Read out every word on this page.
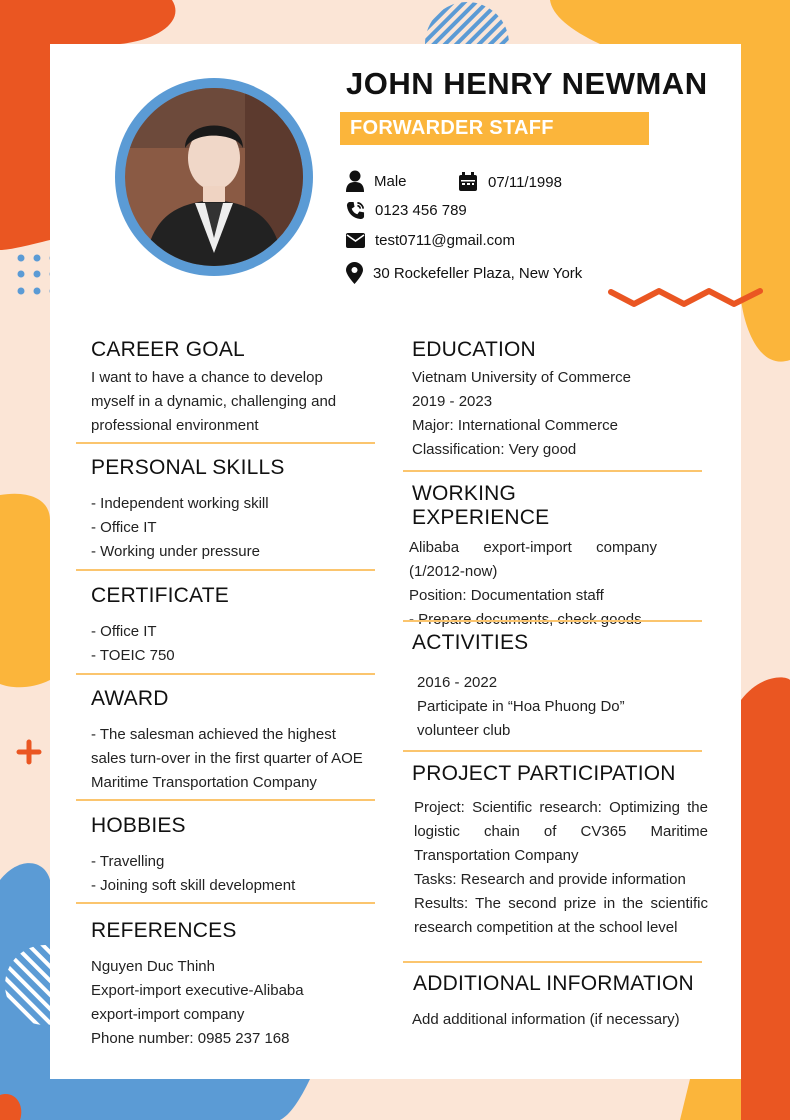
JOHN HENRY NEWMAN
FORWARDER STAFF
Male	07/11/1998
0123 456 789
test0711@gmail.com
30 Rockefeller Plaza, New York
CAREER GOAL
I want to have a chance to develop
myself in a dynamic, challenging and
professional environment
PERSONAL SKILLS
- Independent working skill
- Office IT
- Working under pressure
CERTIFICATE
- Office IT
- TOEIC 750
AWARD
- The salesman achieved the highest
sales turn-over in the first quarter of AOE
Maritime Transportation Company
HOBBIES
- Travelling
- Joining soft skill development
REFERENCES
Nguyen Duc Thinh
Export-import executive-Alibaba
export-import company
Phone number: 0985 237 168
EDUCATION
Vietnam University of Commerce
2019 - 2023
Major: International Commerce
Classification: Very good
WORKING EXPERIENCE
Alibaba export-import company (1/2012-now)
Position: Documentation staff
ACTIVITIES
2016 - 2022
Participate in “Hoa Phuong Do”
volunteer club
PROJECT PARTICIPATION
Project: Scientific research: Optimizing the logistic chain of CV365 Maritime Transportation Company
Tasks: Research and provide information
Results: The second prize in the scientific research competition at the school level
ADDITIONAL INFORMATION
Add additional information (if necessary)
